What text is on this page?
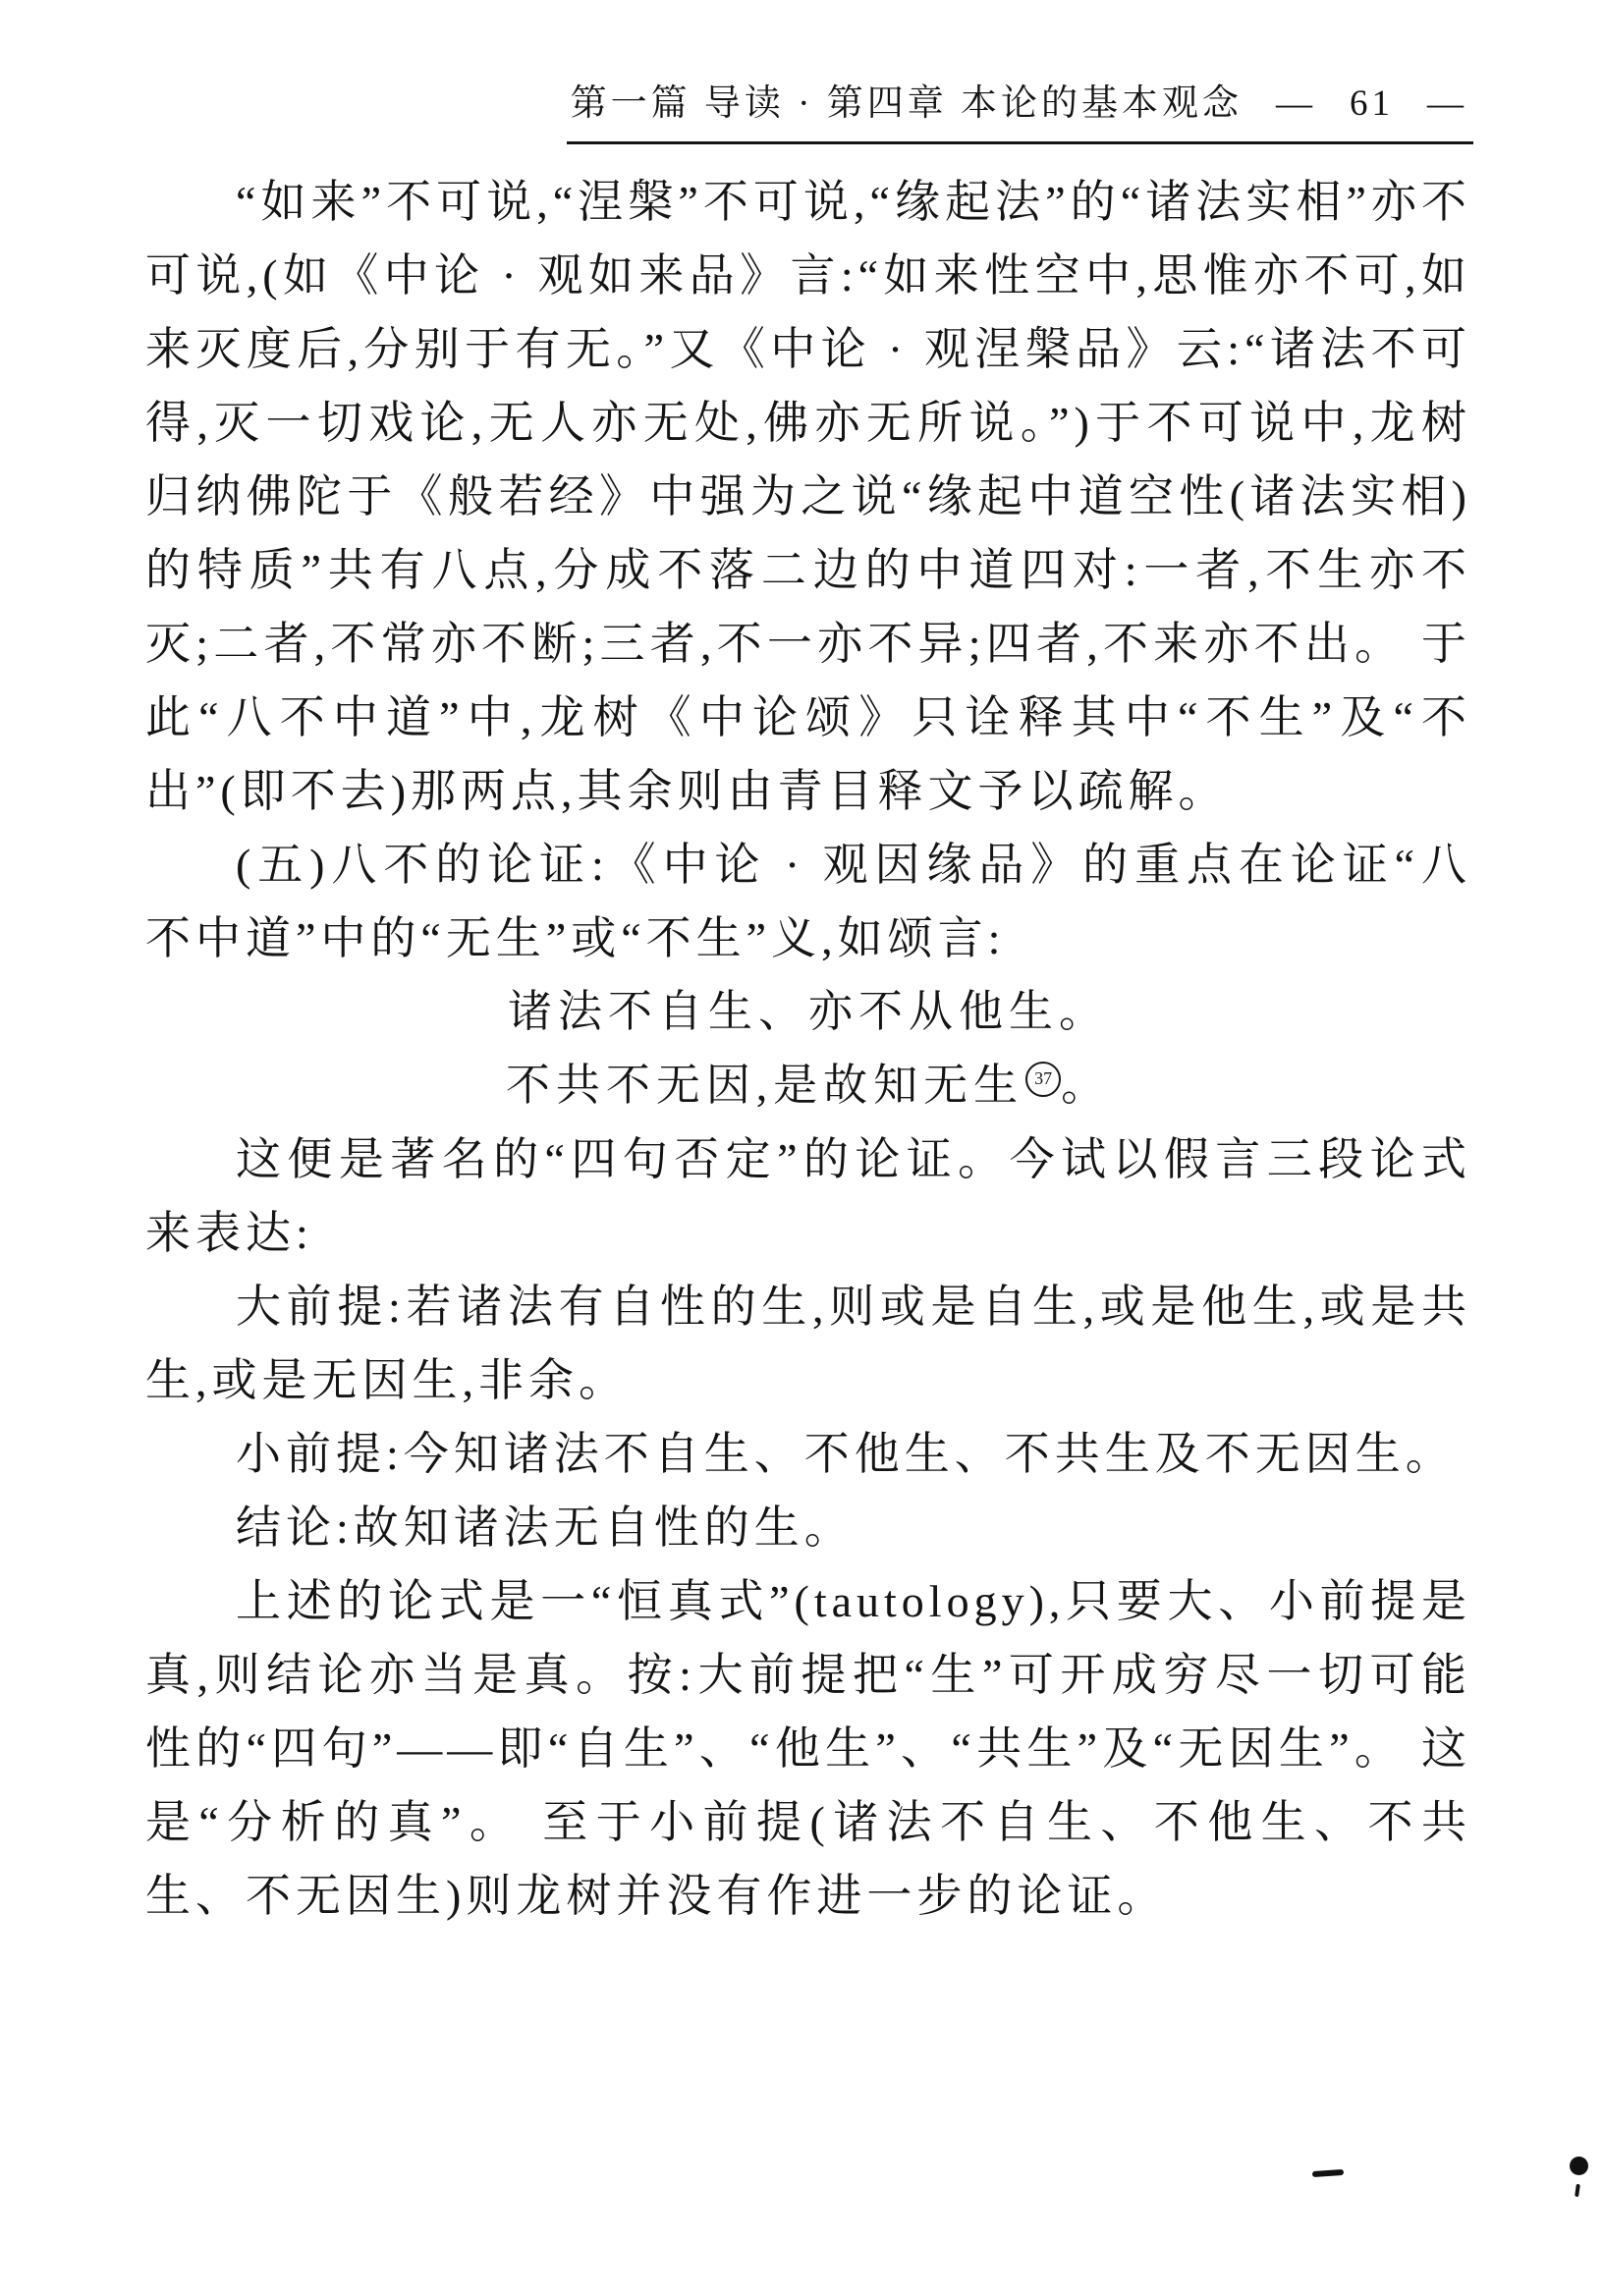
第一篇 导读 · 第四章 本论的基本观念 — 61 —

“如来”不可说,“涅槃”不可说,“缘起法”的“诸法实相”亦不可说,(如《中论 · 观如来品》言:“如来性空中,思惟亦不可,如来灭度后,分别于有无。”又《中论 · 观涅槃品》云:“诸法不可得,灭一切戏论,无人亦无处,佛亦无所说。”)于不可说中,龙树归纳佛陀于《般若经》中强为之说“缘起中道空性(诸法实相)的特质”共有八点,分成不落二边的中道四对:一者,不生亦不灭;二者,不常亦不断;三者,不一亦不异;四者,不来亦不出。 于此“八不中道”中,龙树《中论颂》只诠释其中“不生”及“不出”(即不去)那两点,其余则由青目释文予以疏解。

(五)八不的论证:《中论 · 观因缘品》的重点在论证“八不中道”中的“无生”或“不生”义,如颂言:

诸法不自生、亦不从他生。
不共不无因,是故知无生 37 。

这便是著名的“四句否定”的论证。今试以假言三段论式来表达:

大前提:若诸法有自性的生,则或是自生,或是他生,或是共生,或是无因生,非余。

小前提:今知诸法不自生、不他生、不共生及不无因生。

结论:故知诸法无自性的生。

上述的论式是一“恒真式”(tautology),只要大、小前提是真,则结论亦当是真。按:大前提把“生”可开成穷尽一切可能性的“四句”——即“自生”、“他生”、“共生”及“无因生”。 这是“分析的真”。 至于小前提(诸法不自生、不他生、不共生、不无因生)则龙树并没有作进一步的论证。
